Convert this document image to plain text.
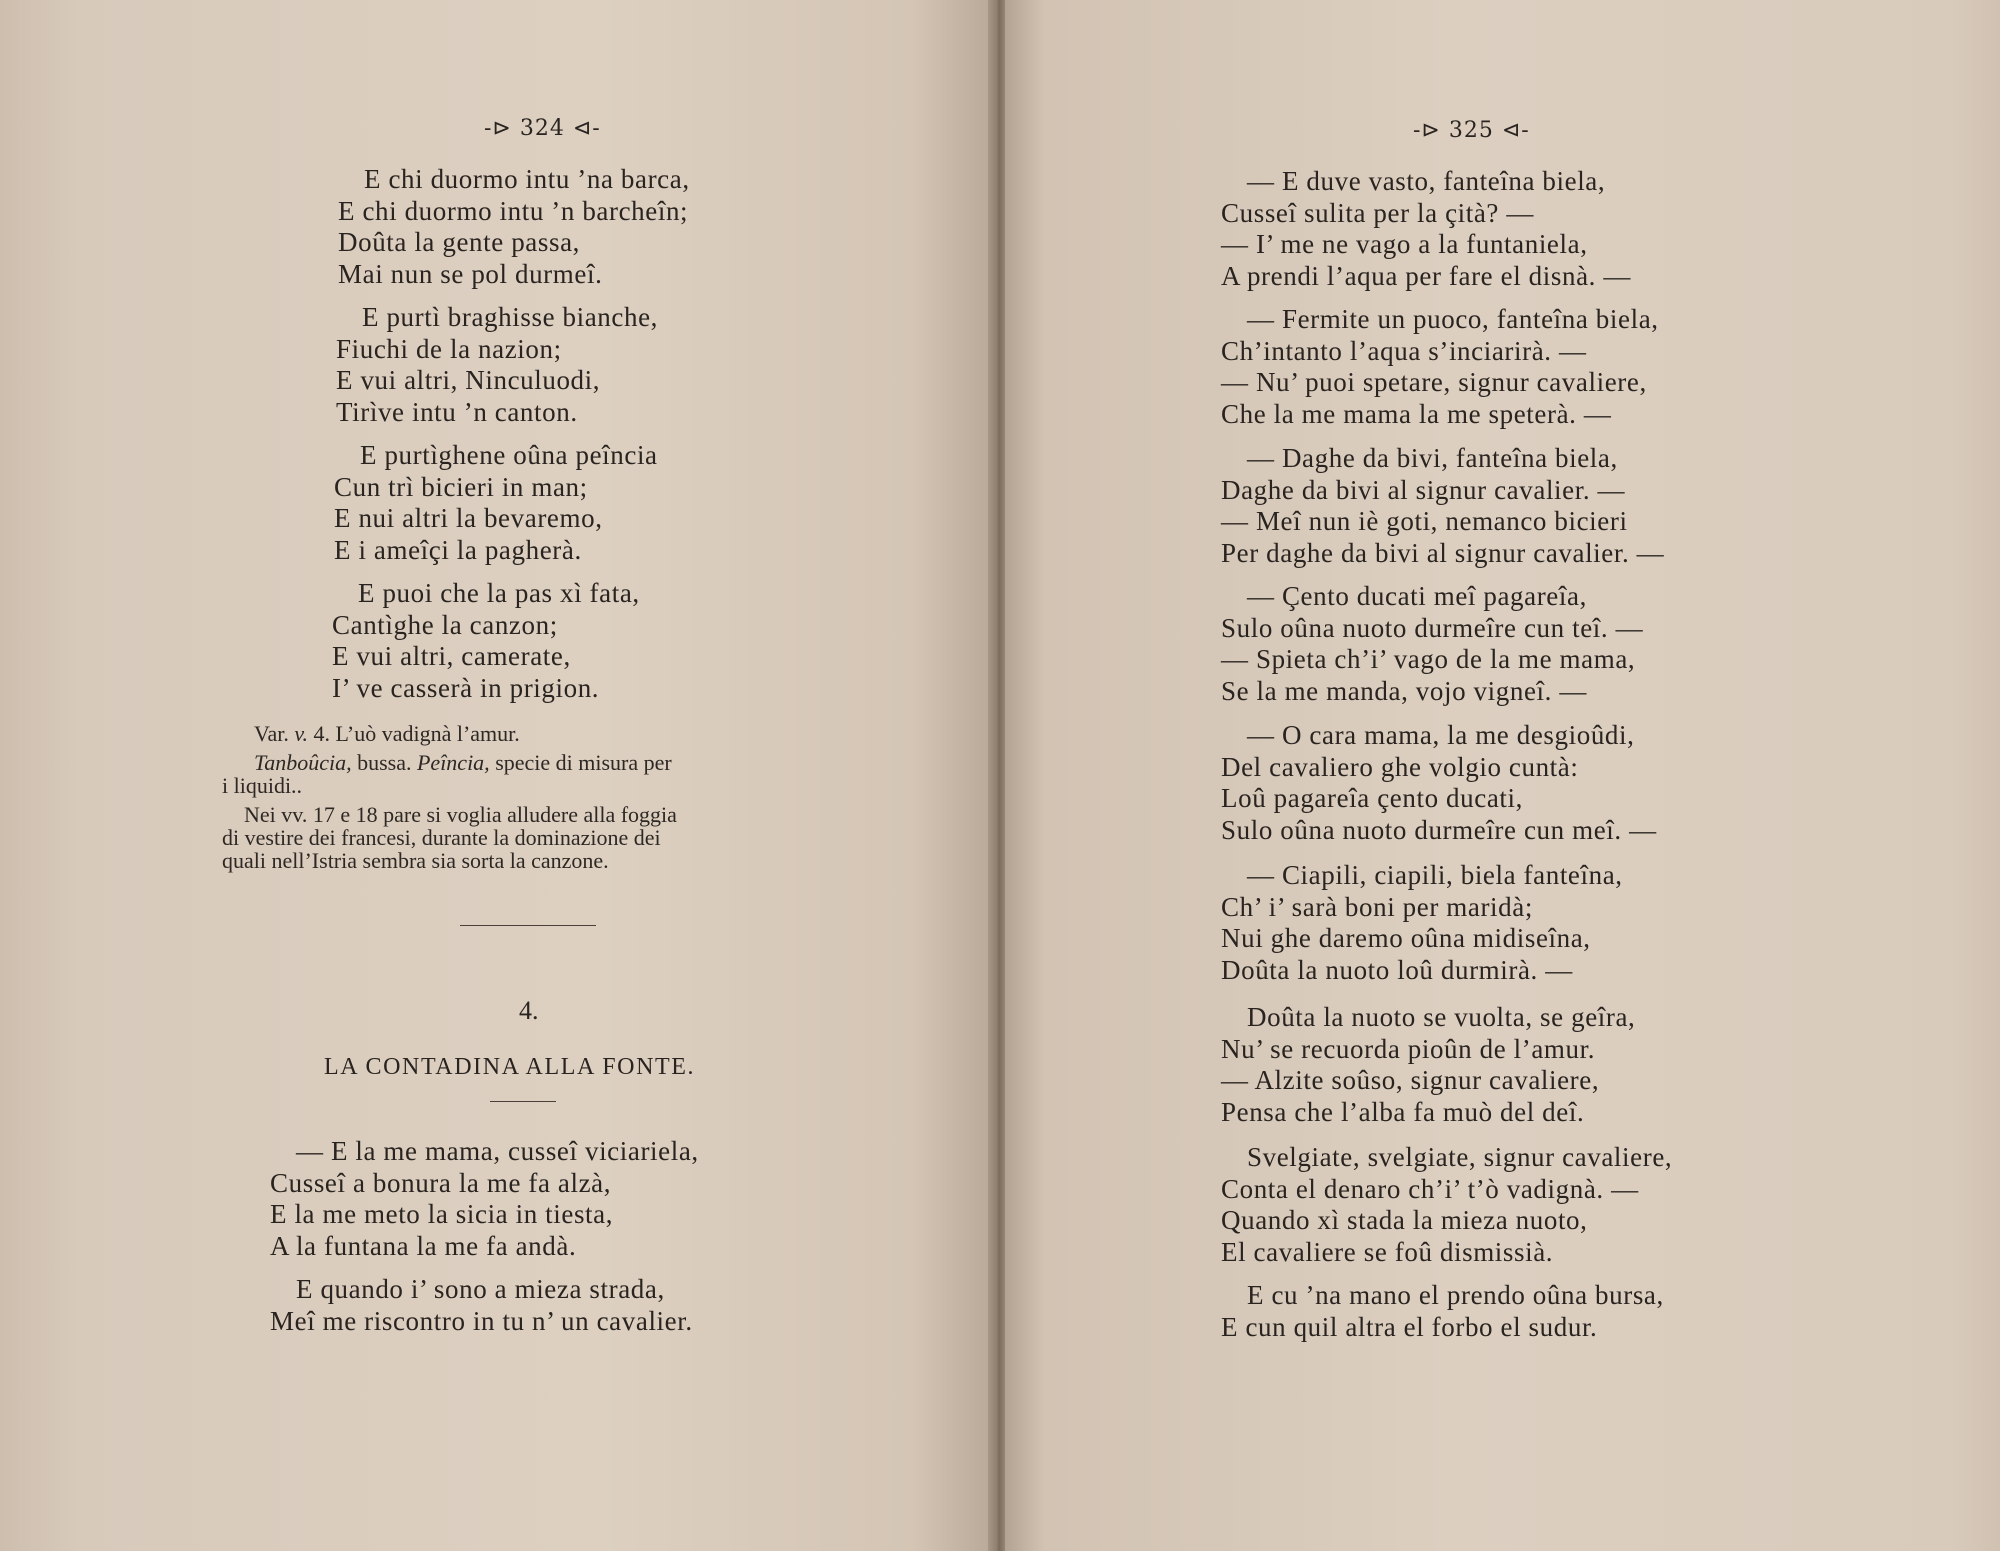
-⊳ 324 ⊲-
E chi duormo intu ’na barca,
E chi duormo intu ’n barcheîn;
Doûta la gente passa,
Mai nun se pol durmeî.
E purtì braghisse bianche,
Fiuchi de la nazion;
E vui altri, Ninculuodi,
Tirìve intu ’n canton.
E purtìghene oûna peîncia
Cun trì bicieri in man;
E nui altri la bevaremo,
E i ameîçi la pagherà.
E puoi che la pas xì fata,
Cantìghe la canzon;
E vui altri, camerate,
I’ ve casserà in prigion.

Var. v. 4. L’uò vadignà l’amur.

Tanboûcia, bussa. Peîncia, specie di misura per
i liquidi..

Nei vv. 17 e 18 pare si voglia alludere alla foggia
di vestire dei francesi, durante la dominazione dei
quali nell’Istria sembra sia sorta la canzone.

4.
LA CONTADINA ALLA FONTE.
— E la me mama, cusseî viciariela,
Cusseî a bonura la me fa alzà,
E la me meto la sicia in tiesta,
A la funtana la me fa andà.
E quando i’ sono a mieza strada,
Meî me riscontro in tu n’ un cavalier.
-⊳ 325 ⊲-
— E duve vasto, fanteîna biela,
Cusseî sulita per la çità? —
— I’ me ne vago a la funtaniela,
A prendi l’aqua per fare el disnà. —
— Fermite un puoco, fanteîna biela,
Ch’intanto l’aqua s’inciarirà. —
— Nu’ puoi spetare, signur cavaliere,
Che la me mama la me speterà. —
— Daghe da bivi, fanteîna biela,
Daghe da bivi al signur cavalier. —
— Meî nun iè goti, nemanco bicieri
Per daghe da bivi al signur cavalier. —
— Çento ducati meî pagareîa,
Sulo oûna nuoto durmeîre cun teî. —
— Spieta ch’i’ vago de la me mama,
Se la me manda, vojo vigneî. —
— O cara mama, la me desgioûdi,
Del cavaliero ghe volgio cuntà:
Loû pagareîa çento ducati,
Sulo oûna nuoto durmeîre cun meî. —
— Ciapili, ciapili, biela fanteîna,
Ch’ i’ sarà boni per maridà;
Nui ghe daremo oûna midiseîna,
Doûta la nuoto loû durmirà. —
Doûta la nuoto se vuolta, se geîra,
Nu’ se recuorda pioûn de l’amur.
— Alzite soûso, signur cavaliere,
Pensa che l’alba fa muò del deî.
Svelgiate, svelgiate, signur cavaliere,
Conta el denaro ch’i’ t’ò vadignà. —
Quando xì stada la mieza nuoto,
El cavaliere se foû dismissià.
E cu ’na mano el prendo oûna bursa,
E cun quil altra el forbo el sudur.
